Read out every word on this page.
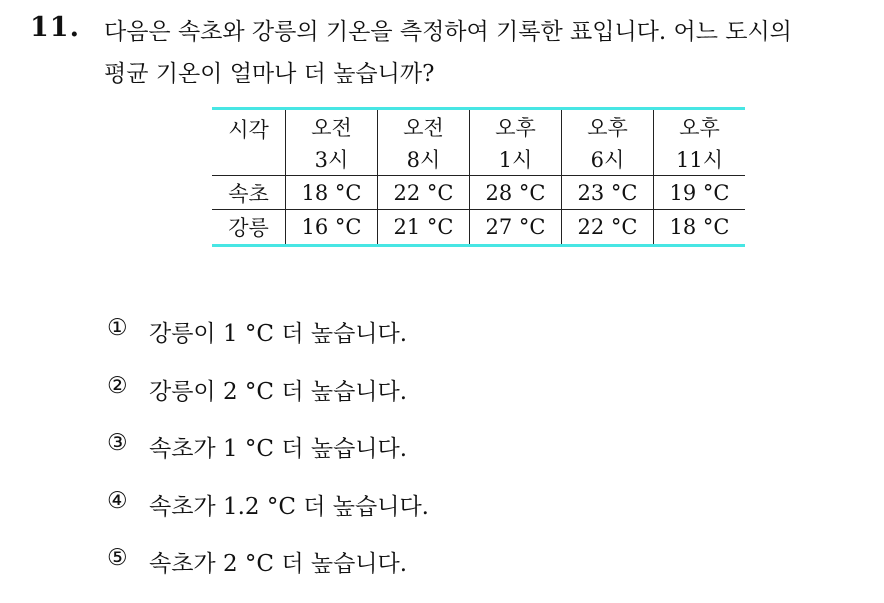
11. 다음은 속초와 강릉의 기온을 측정하여 기록한 표입니다. 어느 도시의
평균 기온이 얼마나 더 높습니까?
시각	오전	오전	오후	오후	오후
	3시	8시	1시	6시	11시
속초	18 °C	22 °C	28 °C	23 °C	19 °C
강릉	16 °C	21 °C	27 °C	22 °C	18 °C
① 강릉이 1 °C 더 높습니다.
② 강릉이 2 °C 더 높습니다.
③ 속초가 1 °C 더 높습니다.
④ 속초가 1.2 °C 더 높습니다.
⑤ 속초가 2 °C 더 높습니다.
